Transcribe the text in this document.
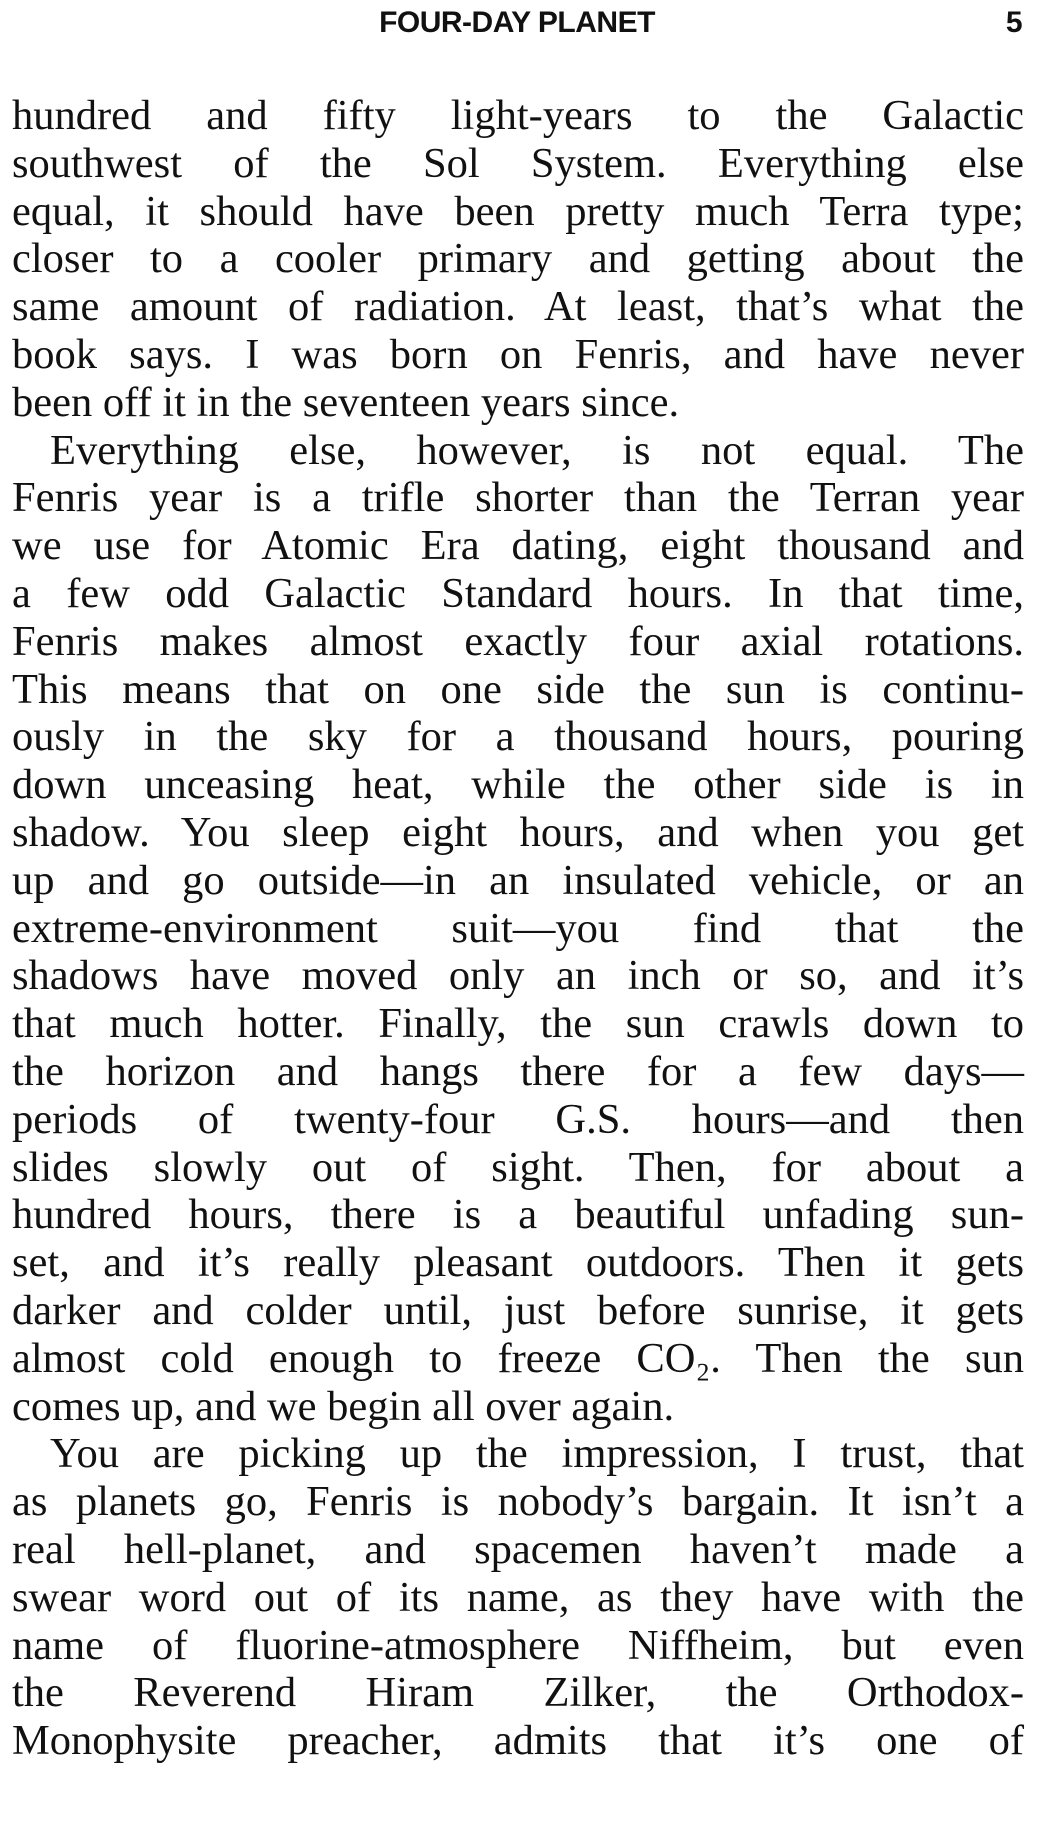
FOUR-DAY PLANET	5
hundred and fifty light-years to the Galactic
southwest of the Sol System. Everything else
equal, it should have been pretty much Terra type;
closer to a cooler primary and getting about the
same amount of radiation. At least, that’s what the
book says. I was born on Fenris, and have never
been off it in the seventeen years since.
Everything else, however, is not equal. The
Fenris year is a trifle shorter than the Terran year
we use for Atomic Era dating, eight thousand and
a few odd Galactic Standard hours. In that time,
Fenris makes almost exactly four axial rotations.
This means that on one side the sun is continu-
ously in the sky for a thousand hours, pouring
down unceasing heat, while the other side is in
shadow. You sleep eight hours, and when you get
up and go outside—in an insulated vehicle, or an
extreme-environment suit—you find that the
shadows have moved only an inch or so, and it’s
that much hotter. Finally, the sun crawls down to
the horizon and hangs there for a few days—
periods of twenty-four G.S. hours—and then
slides slowly out of sight. Then, for about a
hundred hours, there is a beautiful unfading sun-
set, and it’s really pleasant outdoors. Then it gets
darker and colder until, just before sunrise, it gets
almost cold enough to freeze CO₂. Then the sun
comes up, and we begin all over again.
You are picking up the impression, I trust, that
as planets go, Fenris is nobody’s bargain. It isn’t a
real hell-planet, and spacemen haven’t made a
swear word out of its name, as they have with the
name of fluorine-atmosphere Niffheim, but even
the Reverend Hiram Zilker, the Orthodox-
Monophysite preacher, admits that it’s one of
